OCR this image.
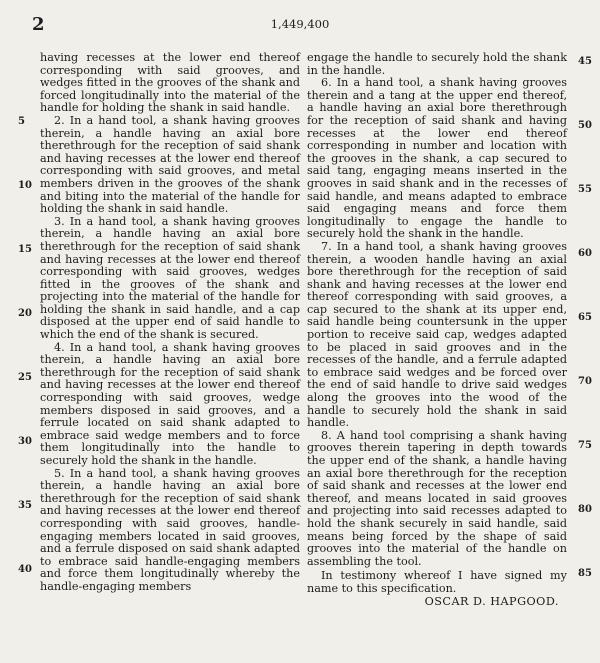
2	1,449,400

having recesses at the lower end thereof corresponding with said grooves, and wedges fitted in the grooves of the shank and forced longitudinally into the material of the handle for holding the shank in said handle.

2. In a hand tool, a shank having grooves therein, a handle having an axial bore therethrough for the reception of said shank and having recesses at the lower end thereof corresponding with said grooves, and metal members driven in the grooves of the shank and biting into the material of the handle for holding the shank in said handle.

3. In a hand tool, a shank having grooves therein, a handle having an axial bore therethrough for the reception of said shank and having recesses at the lower end thereof corresponding with said grooves, wedges fitted in the grooves of the shank and projecting into the material of the handle for holding the shank in said handle, and a cap disposed at the upper end of said handle to which the end of the shank is secured.

4. In a hand tool, a shank having grooves therein, a handle having an axial bore therethrough for the reception of said shank and having recesses at the lower end thereof corresponding with said grooves, wedge members disposed in said grooves, and a ferrule located on said shank adapted to embrace said wedge members and to force them longitudinally into the handle to securely hold the shank in the handle.

5. In a hand tool, a shank having grooves therein, a handle having an axial bore therethrough for the reception of said shank and having recesses at the lower end thereof corresponding with said grooves, handle-engaging members located in said grooves, and a ferrule disposed on said shank adapted to embrace said handle-engaging members and force them longitudinally whereby the handle-engaging members

engage the handle to securely hold the shank in the handle.

6. In a hand tool, a shank having grooves therein and a tang at the upper end thereof, a handle having an axial bore therethrough for the reception of said shank and having recesses at the lower end thereof corresponding in number and location with the grooves in the shank, a cap secured to said tang, engaging means inserted in the grooves in said shank and in the recesses of said handle, and means adapted to embrace said engaging means and force them longitudinally to engage the handle to securely hold the shank in the handle.

7. In a hand tool, a shank having grooves therein, a wooden handle having an axial bore therethrough for the reception of said shank and having recesses at the lower end thereof corresponding with said grooves, a cap secured to the shank at its upper end, said handle being countersunk in the upper portion to receive said cap, wedges adapted to be placed in said grooves and in the recesses of the handle, and a ferrule adapted to embrace said wedges and be forced over the end of said handle to drive said wedges along the grooves into the wood of the handle to securely hold the shank in said handle.

8. A hand tool comprising a shank having grooves therein tapering in depth towards the upper end of the shank, a handle having an axial bore therethrough for the reception of said shank and recesses at the lower end thereof, and means located in said grooves and projecting into said recesses adapted to hold the shank securely in said handle, said means being forced by the shape of said grooves into the material of the handle on assembling the tool.

In testimony whereof I have signed my name to this specification.

OSCAR D. HAPGOOD.

5
10
15
20
25
30
35
40
45
50
55
60
65
70
75
80
85
